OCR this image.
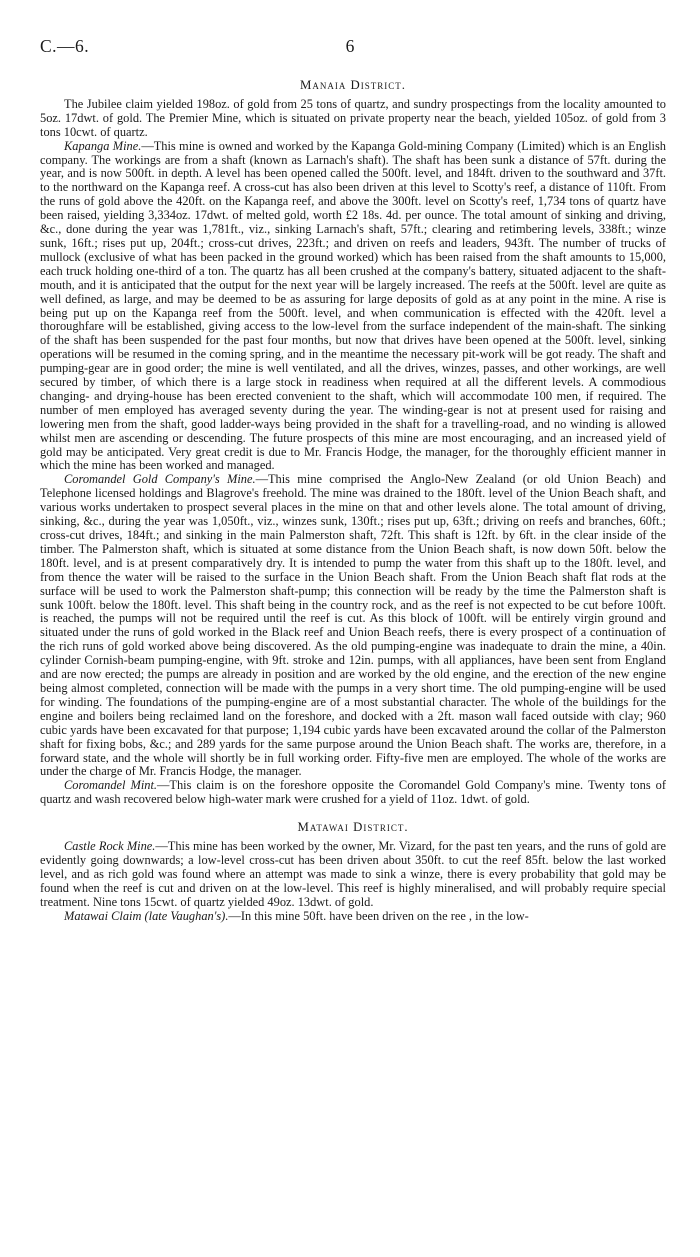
C.—6.	6
Manaia District.

The Jubilee claim yielded 198oz. of gold from 25 tons of quartz, and sundry prospectings from the locality amounted to 5oz. 17dwt. of gold. The Premier Mine, which is situated on private property near the beach, yielded 105oz. of gold from 3 tons 10cwt. of quartz.

Kapanga Mine.—This mine is owned and worked by the Kapanga Gold-mining Company (Limited) which is an English company. The workings are from a shaft (known as Larnach's shaft). The shaft has been sunk a distance of 57ft. during the year, and is now 500ft. in depth. A level has been opened called the 500ft. level, and 184ft. driven to the southward and 37ft. to the northward on the Kapanga reef. A cross-cut has also been driven at this level to Scotty's reef, a distance of 110ft. From the runs of gold above the 420ft. on the Kapanga reef, and above the 300ft. level on Scotty's reef, 1,734 tons of quartz have been raised, yielding 3,334oz. 17dwt. of melted gold, worth £2 18s. 4d. per ounce. The total amount of sinking and driving, &c., done during the year was 1,781ft., viz., sinking Larnach's shaft, 57ft.; clearing and retimbering levels, 338ft.; winze sunk, 16ft.; rises put up, 204ft.; cross-cut drives, 223ft.; and driven on reefs and leaders, 943ft. The number of trucks of mullock (exclusive of what has been packed in the ground worked) which has been raised from the shaft amounts to 15,000, each truck holding one-third of a ton. The quartz has all been crushed at the company's battery, situated adjacent to the shaft-mouth, and it is anticipated that the output for the next year will be largely increased. The reefs at the 500ft. level are quite as well defined, as large, and may be deemed to be as assuring for large deposits of gold as at any point in the mine. A rise is being put up on the Kapanga reef from the 500ft. level, and when communication is effected with the 420ft. level a thoroughfare will be established, giving access to the low-level from the surface independent of the main-shaft. The sinking of the shaft has been suspended for the past four months, but now that drives have been opened at the 500ft. level, sinking operations will be resumed in the coming spring, and in the meantime the necessary pit-work will be got ready. The shaft and pumping-gear are in good order; the mine is well ventilated, and all the drives, winzes, passes, and other workings, are well secured by timber, of which there is a large stock in readiness when required at all the different levels. A commodious changing- and drying-house has been erected convenient to the shaft, which will accommodate 100 men, if required. The number of men employed has averaged seventy during the year. The winding-gear is not at present used for raising and lowering men from the shaft, good ladder-ways being provided in the shaft for a travelling-road, and no winding is allowed whilst men are ascending or descending. The future prospects of this mine are most encouraging, and an increased yield of gold may be anticipated. Very great credit is due to Mr. Francis Hodge, the manager, for the thoroughly efficient manner in which the mine has been worked and managed.

Coromandel Gold Company's Mine.—This mine comprised the Anglo-New Zealand (or old Union Beach) and Telephone licensed holdings and Blagrove's freehold. The mine was drained to the 180ft. level of the Union Beach shaft, and various works undertaken to prospect several places in the mine on that and other levels alone. The total amount of driving, sinking, &c., during the year was 1,050ft., viz., winzes sunk, 130ft.; rises put up, 63ft.; driving on reefs and branches, 60ft.; cross-cut drives, 184ft.; and sinking in the main Palmerston shaft, 72ft. This shaft is 12ft. by 6ft. in the clear inside of the timber. The Palmerston shaft, which is situated at some distance from the Union Beach shaft, is now down 50ft. below the 180ft. level, and is at present comparatively dry. It is intended to pump the water from this shaft up to the 180ft. level, and from thence the water will be raised to the surface in the Union Beach shaft. From the Union Beach shaft flat rods at the surface will be used to work the Palmerston shaft-pump; this connection will be ready by the time the Palmerston shaft is sunk 100ft. below the 180ft. level. This shaft being in the country rock, and as the reef is not expected to be cut before 100ft. is reached, the pumps will not be required until the reef is cut. As this block of 100ft. will be entirely virgin ground and situated under the runs of gold worked in the Black reef and Union Beach reefs, there is every prospect of a continuation of the rich runs of gold worked above being discovered. As the old pumping-engine was inadequate to drain the mine, a 40in. cylinder Cornish-beam pumping-engine, with 9ft. stroke and 12in. pumps, with all appliances, have been sent from England and are now erected; the pumps are already in position and are worked by the old engine, and the erection of the new engine being almost completed, connection will be made with the pumps in a very short time. The old pumping-engine will be used for winding. The foundations of the pumping-engine are of a most substantial character. The whole of the buildings for the engine and boilers being reclaimed land on the foreshore, and docked with a 2ft. mason wall faced outside with clay; 960 cubic yards have been excavated for that purpose; 1,194 cubic yards have been excavated around the collar of the Palmerston shaft for fixing bobs, &c.; and 289 yards for the same purpose around the Union Beach shaft. The works are, therefore, in a forward state, and the whole will shortly be in full working order. Fifty-five men are employed. The whole of the works are under the charge of Mr. Francis Hodge, the manager.

Coromandel Mint.—This claim is on the foreshore opposite the Coromandel Gold Company's mine. Twenty tons of quartz and wash recovered below high-water mark were crushed for a yield of 11oz. 1dwt. of gold.

Matawai District.

Castle Rock Mine.—This mine has been worked by the owner, Mr. Vizard, for the past ten years, and the runs of gold are evidently going downwards; a low-level cross-cut has been driven about 350ft. to cut the reef 85ft. below the last worked level, and as rich gold was found where an attempt was made to sink a winze, there is every probability that gold may be found when the reef is cut and driven on at the low-level. This reef is highly mineralised, and will probably require special treatment. Nine tons 15cwt. of quartz yielded 49oz. 13dwt. of gold.

Matawai Claim (late Vaughan's).—In this mine 50ft. have been driven on the ree , in the low-
